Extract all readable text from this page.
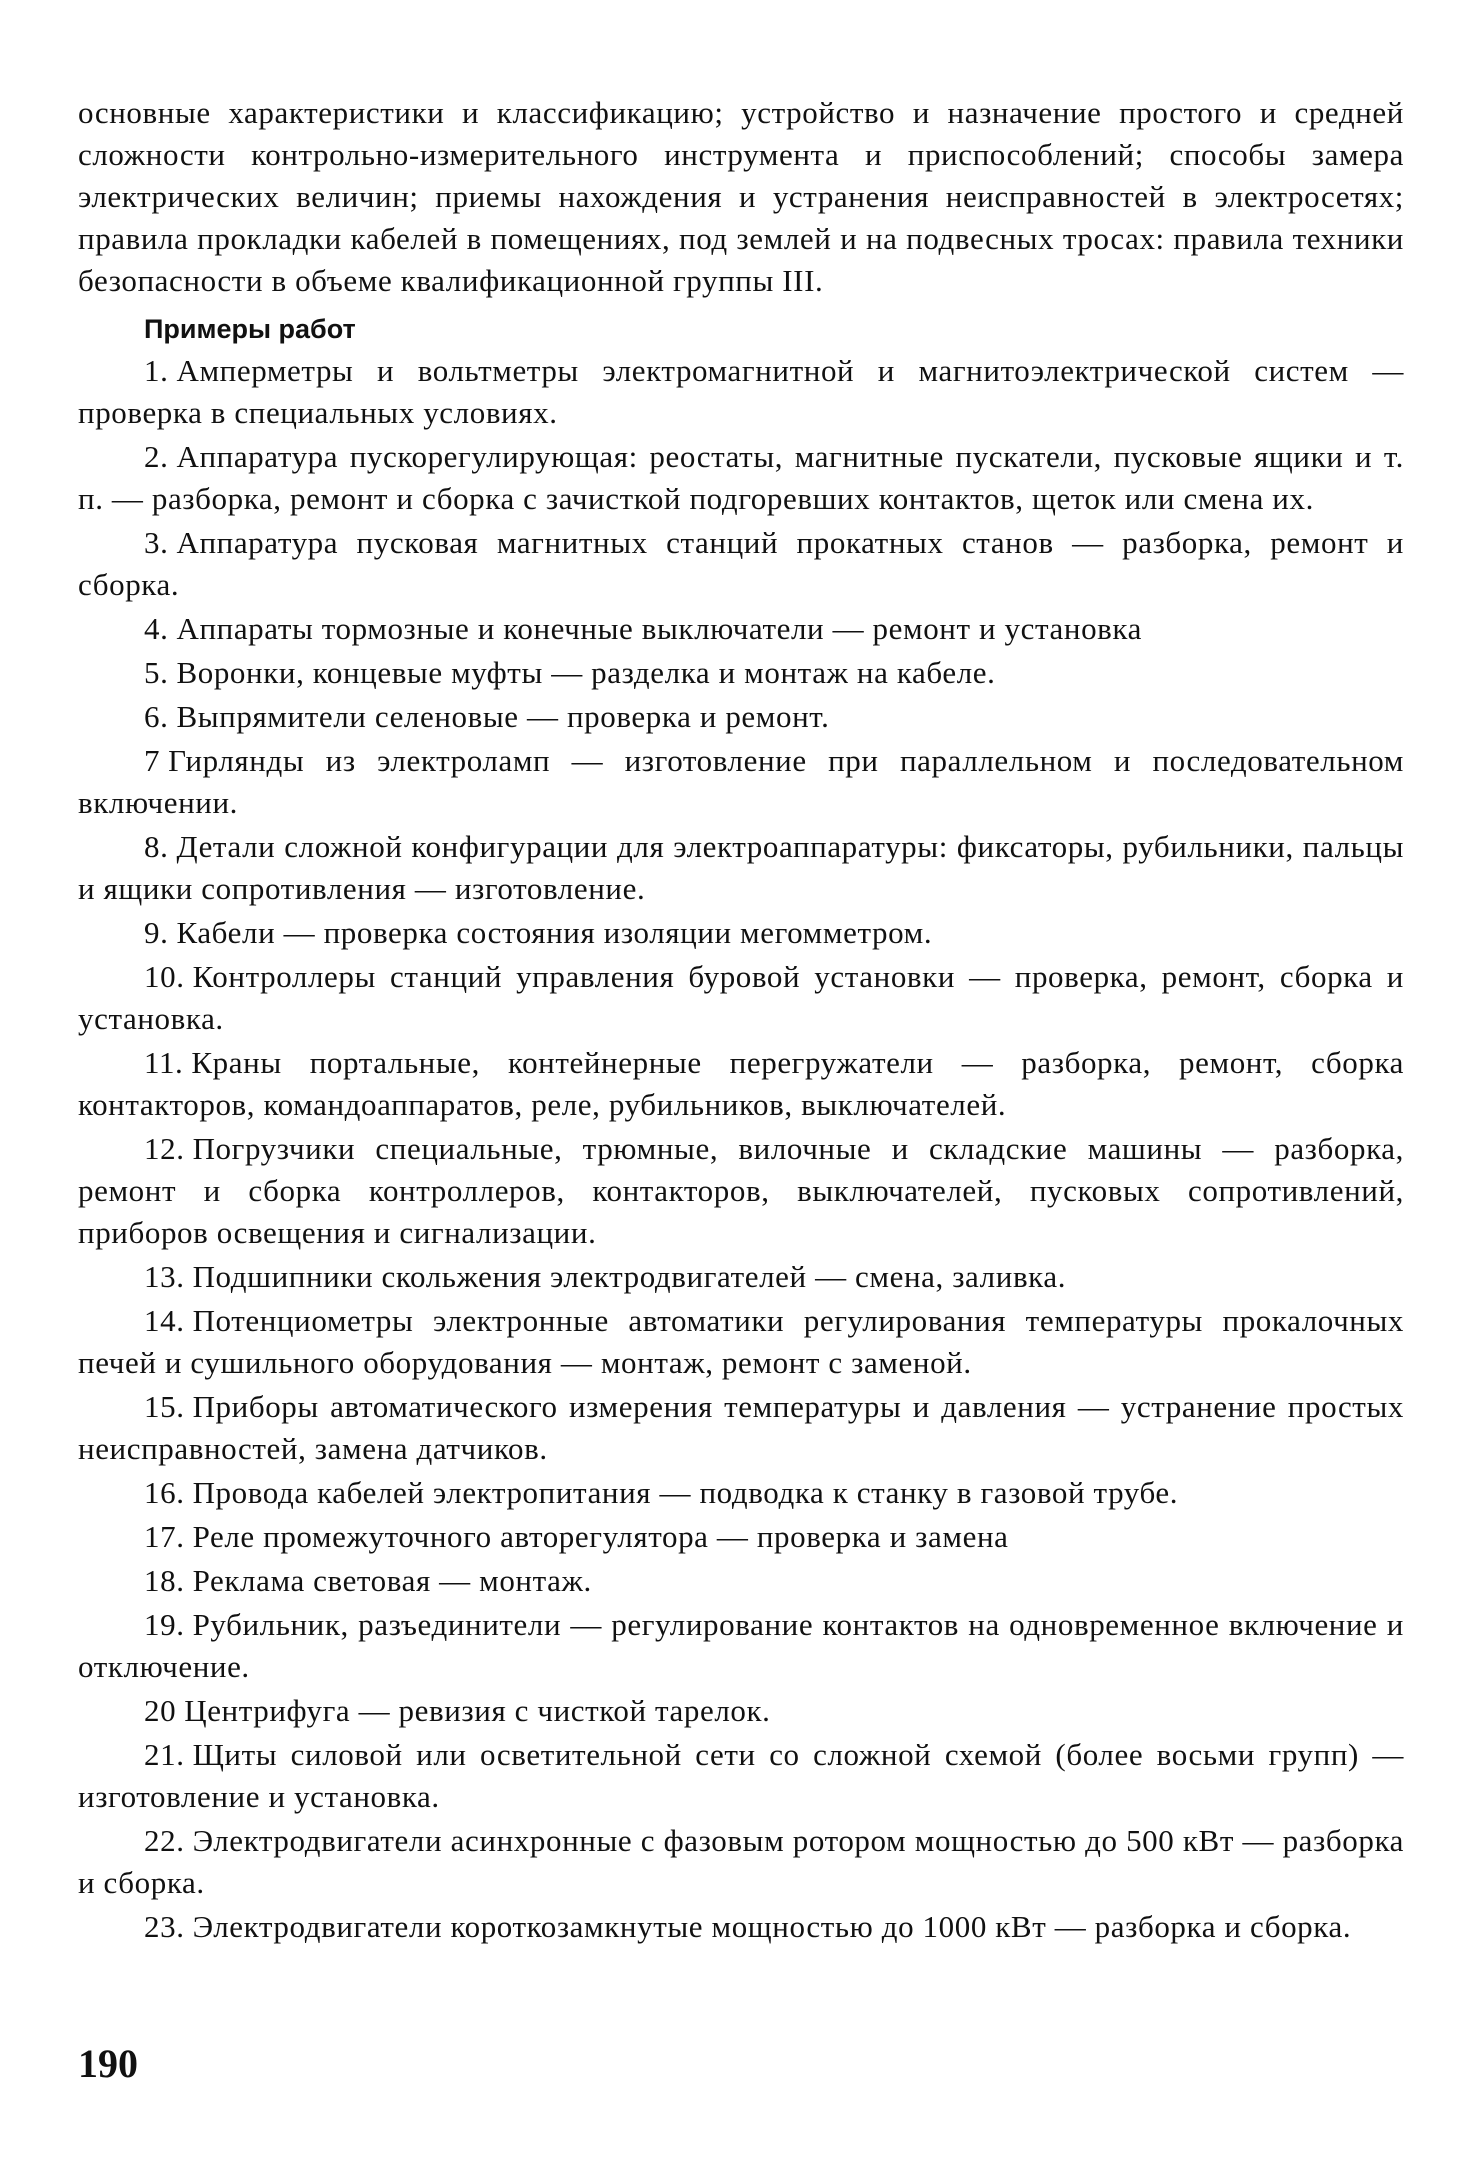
основные характеристики и классификацию; устройство и назначение простого и средней сложности контрольно-измерительного инструмента и приспособлений; способы замера электрических величин; приемы нахождения и устранения неисправностей в электросетях; правила прокладки кабелей в помещениях, под землей и на подвесных тросах: правила техники безопасности в объеме квалификационной группы III.

Примеры работ

1. Амперметры и вольтметры электромагнитной и магнитоэлектрической систем — проверка в специальных условиях.

2. Аппаратура пускорегулирующая: реостаты, магнитные пускатели, пусковые ящики и т. п. — разборка, ремонт и сборка с зачисткой подгоревших контактов, щеток или смена их.

3. Аппаратура пусковая магнитных станций прокатных станов — разборка, ремонт и сборка.

4. Аппараты тормозные и конечные выключатели — ремонт и установка

5. Воронки, концевые муфты — разделка и монтаж на кабеле.

6. Выпрямители селеновые — проверка и ремонт.

7 Гирлянды из электроламп — изготовление при параллельном и последовательном включении.

8. Детали сложной конфигурации для электроаппаратуры: фиксаторы, рубильники, пальцы и ящики сопротивления — изготовление.

9. Кабели — проверка состояния изоляции мегомметром.

10. Контроллеры станций управления буровой установки — проверка, ремонт, сборка и установка.

11. Краны портальные, контейнерные перегружатели — разборка, ремонт, сборка контакторов, командоаппаратов, реле, рубильников, выключателей.

12. Погрузчики специальные, трюмные, вилочные и складские машины — разборка, ремонт и сборка контроллеров, контакторов, выключателей, пусковых сопротивлений, приборов освещения и сигнализации.

13. Подшипники скольжения электродвигателей — смена, заливка.

14. Потенциометры электронные автоматики регулирования температуры прокалочных печей и сушильного оборудования — монтаж, ремонт с заменой.

15. Приборы автоматического измерения температуры и давления — устранение простых неисправностей, замена датчиков.

16. Провода кабелей электропитания — подводка к станку в газовой трубе.

17. Реле промежуточного авторегулятора — проверка и замена

18. Реклама световая — монтаж.

19. Рубильник, разъединители — регулирование контактов на одновременное включение и отключение.

20 Центрифуга — ревизия с чисткой тарелок.

21. Щиты силовой или осветительной сети со сложной схемой (более восьми групп) — изготовление и установка.

22. Электродвигатели асинхронные с фазовым ротором мощностью до 500 кВт — разборка и сборка.

23. Электродвигатели короткозамкнутые мощностью до 1000 кВт — разборка и сборка.

190
